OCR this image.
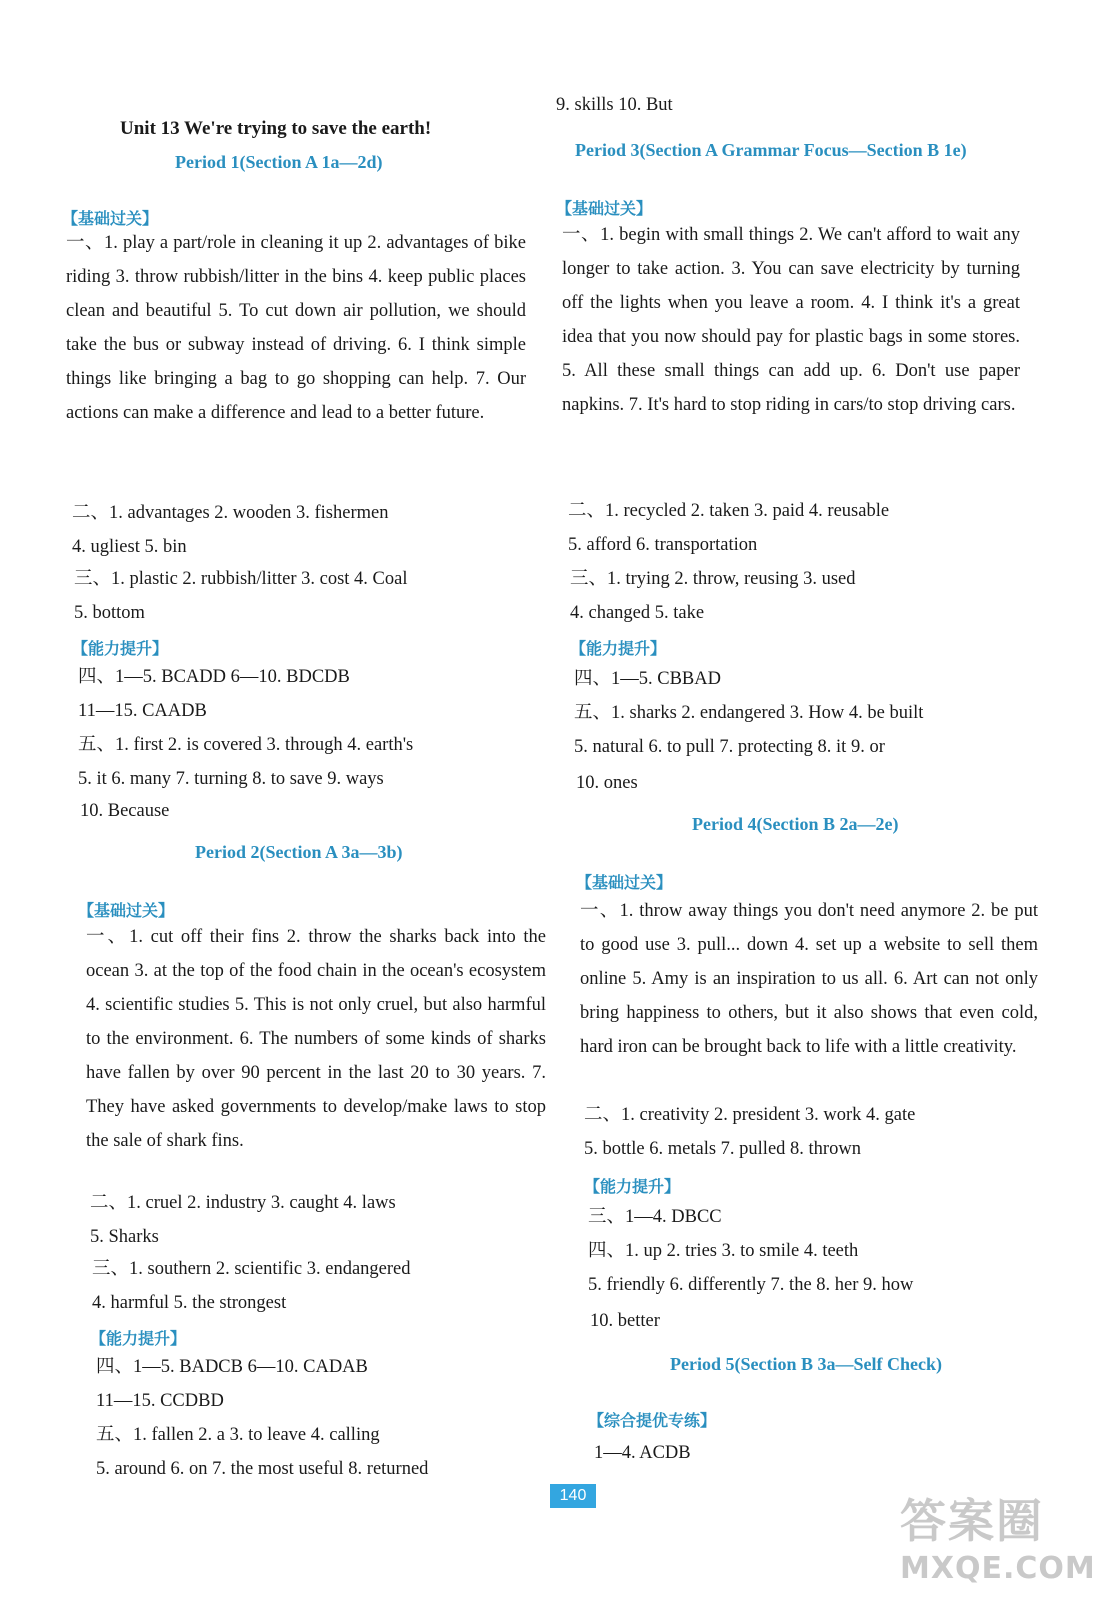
Unit 13 We're trying to save the earth!
Period 1(Section A 1a—2d)
【基础过关】
一、1. play a part/role in cleaning it up 2. advantages of bike riding 3. throw rubbish/litter in the bins 4. keep public places clean and beautiful 5. To cut down air pollution, we should take the bus or subway instead of driving. 6. I think simple things like bringing a bag to go shopping can help. 7. Our actions can make a difference and lead to a better future.
二、1. advantages 2. wooden 3. fishermen
4. ugliest 5. bin
三、1. plastic 2. rubbish/litter 3. cost 4. Coal
5. bottom
【能力提升】
四、1—5. BCADD 6—10. BDCDB
11—15. CAADB
五、1. first 2. is covered 3. through 4. earth's
5. it 6. many 7. turning 8. to save 9. ways
10. Because
Period 2(Section A 3a—3b)
【基础过关】
一、1. cut off their fins 2. throw the sharks back into the ocean 3. at the top of the food chain in the ocean's ecosystem 4. scientific studies 5. This is not only cruel, but also harmful to the environment. 6. The numbers of some kinds of sharks have fallen by over 90 percent in the last 20 to 30 years. 7. They have asked governments to develop/make laws to stop the sale of shark fins.
二、1. cruel 2. industry 3. caught 4. laws
5. Sharks
三、1. southern 2. scientific 3. endangered
4. harmful 5. the strongest
【能力提升】
四、1—5. BADCB 6—10. CADAB
11—15. CCDBD
五、1. fallen 2. a 3. to leave 4. calling
5. around 6. on 7. the most useful 8. returned
9. skills 10. But
Period 3(Section A Grammar Focus—Section B 1e)
【基础过关】
一、1. begin with small things 2. We can't afford to wait any longer to take action. 3. You can save electricity by turning off the lights when you leave a room. 4. I think it's a great idea that you now should pay for plastic bags in some stores. 5. All these small things can add up. 6. Don't use paper napkins. 7. It's hard to stop riding in cars/to stop driving cars.
二、1. recycled 2. taken 3. paid 4. reusable
5. afford 6. transportation
三、1. trying 2. throw, reusing 3. used
4. changed 5. take
【能力提升】
四、1—5. CBBAD
五、1. sharks 2. endangered 3. How 4. be built
5. natural 6. to pull 7. protecting 8. it 9. or
10. ones
Period 4(Section B 2a—2e)
【基础过关】
一、1. throw away things you don't need anymore 2. be put to good use 3. pull... down 4. set up a website to sell them online 5. Amy is an inspiration to us all. 6. Art can not only bring happiness to others, but it also shows that even cold, hard iron can be brought back to life with a little creativity.
二、1. creativity 2. president 3. work 4. gate
5. bottle 6. metals 7. pulled 8. thrown
【能力提升】
三、1—4. DBCC
四、1. up 2. tries 3. to smile 4. teeth
5. friendly 6. differently 7. the 8. her 9. how
10. better
Period 5(Section B 3a—Self Check)
【综合提优专练】
1—4. ACDB
140	答案圈
MXQE.COM
